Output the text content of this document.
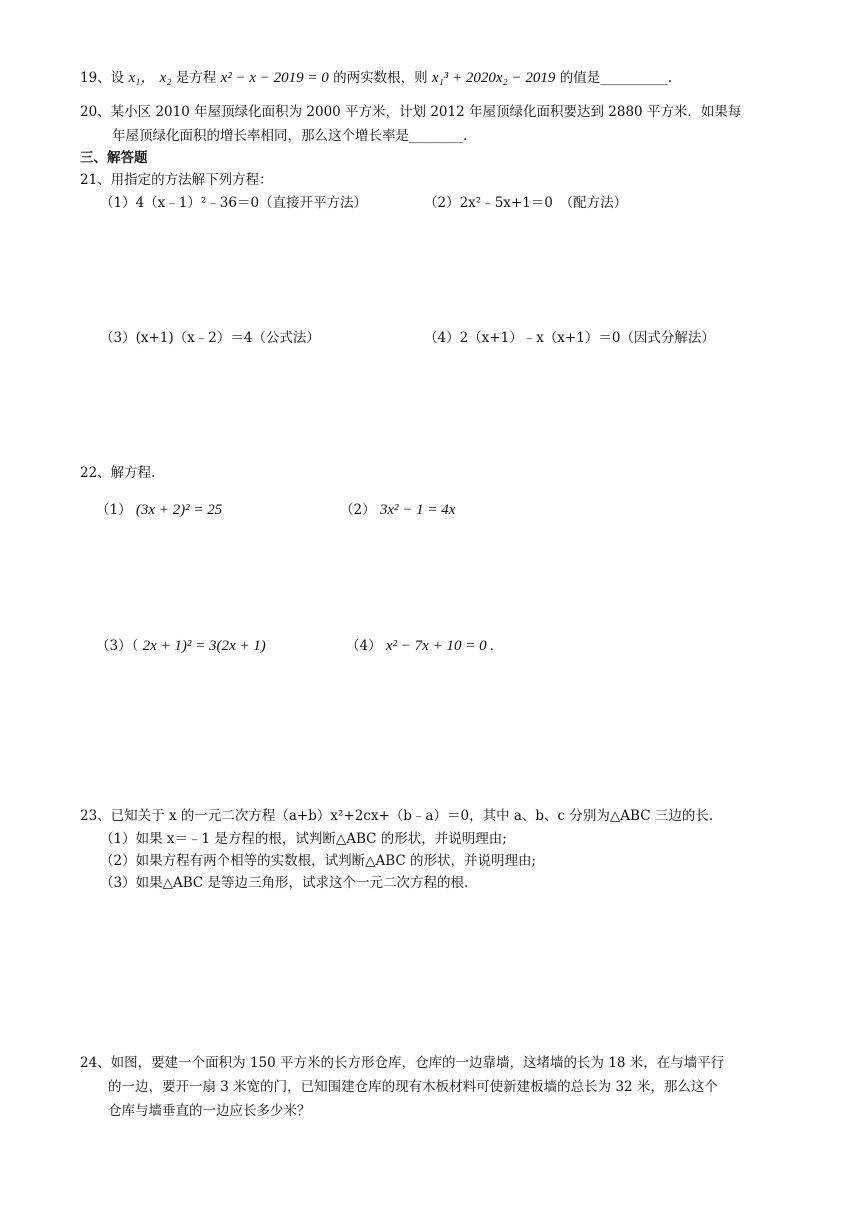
19、设 x₁， x₂ 是方程 x² − x − 2019 = 0 的两实数根，则 x₁³ + 2020x₂ − 2019 的值是__________.
20、某小区 2010 年屋顶绿化面积为 2000 平方米，计划 2012 年屋顶绿化面积要达到 2880 平方米．如果每
年屋顶绿化面积的增长率相同，那么这个增长率是________.
三、解答题
21、用指定的方法解下列方程：
（1）4（x﹣1）²﹣36＝0（直接开平方法）	（2）2x²﹣5x+1＝0　（配方法）
（3）(x+1)（x﹣2）＝4（公式法）	（4）2（x+1）﹣x（x+1）＝0（因式分解法）
22、解方程.
（1） (3x + 2)² = 25	（2） 3x² − 1 = 4x
（3）（ 2x + 1)² = 3(2x + 1)	（4） x² − 7x + 10 = 0 .
23、已知关于 x 的一元二次方程（a+b）x²+2cx+（b﹣a）＝0，其中 a、b、c 分别为△ABC 三边的长.
（1）如果 x＝﹣1 是方程的根，试判断△ABC 的形状，并说明理由;
（2）如果方程有两个相等的实数根，试判断△ABC 的形状，并说明理由;
（3）如果△ABC 是等边三角形，试求这个一元二次方程的根.
24、如图，要建一个面积为 150 平方米的长方形仓库，仓库的一边靠墙，这堵墙的长为 18 米，在与墙平行
的一边，要开一扇 3 米宽的门，已知围建仓库的现有木板材料可使新建板墙的总长为 32 米，那么这个
仓库与墙垂直的一边应长多少米？
